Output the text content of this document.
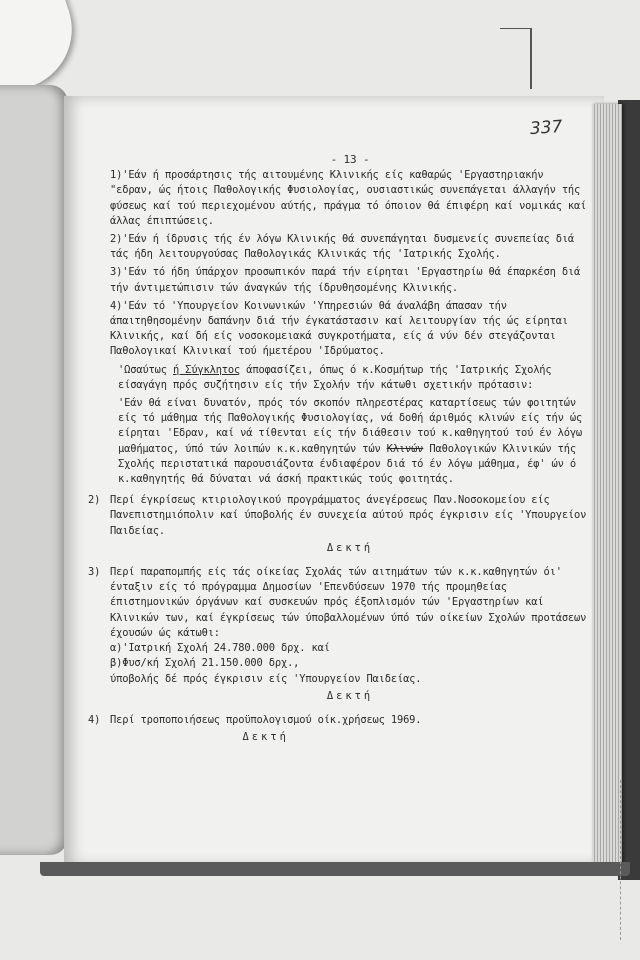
337
- 13 -

1)'Εάν ή προσάρτησις τής αιτουμένης Κλινικής είς καθαρώς 'Εργαστηριακήν "εδραν, ώς ήτοις Παθολογικής Φυσιολογίας, ουσιαστικώς συνεπάγεται άλλαγήν τής φύσεως καί τού περιεχομένου αύτής, πράγμα τό όποιον θά έπιφέρη καί νομικάς καί άλλας έπιπτώσεις.

2)'Εάν ή ίδρυσις τής έν λόγω Κλινικής θά συνεπάγηται δυσμενείς συνεπείας διά τάς ήδη λειτουργούσας Παθολογικάς Κλινικάς τής 'Ιατρικής Σχολής.

3)'Εάν τό ήδη ύπάρχον προσωπικόν παρά τήν είρηται 'Εργαστηρίω θά έπαρκέση διά τήν άντιμετώπισιν τών άναγκών τής ίδρυθησομένης Κλινικής.

4)'Εάν τό 'Υπουργείον Κοινωνικών 'Υπηρεσιών θά άναλάβη άπασαν τήν άπαιτηθησομένην δαπάνην διά τήν έγκατάστασιν καί λειτουργίαν τής ώς είρηται Κλινικής, καί δή είς νοσοκομειακά συγκροτήματα, είς ά νύν δέν στεγάζονται Παθολογικαί Κλινικαί τού ήμετέρου 'Ιδρύματος.

'Ωσαύτως ή Σύγκλητος άποφασίζει, όπως ό κ.Κοσμήτωρ τής 'Ιατρικής Σχολής είσαγάγη πρός συζήτησιν είς τήν Σχολήν τήν κάτωθι σχετικήν πρότασιν:

'Εάν θά είναι δυνατόν, πρός τόν σκοπόν πληρεστέρας καταρτίσεως τών φοιτητών είς τό μάθημα τής Παθολογικής Φυσιολογίας, νά δοθή άριθμός κλινών είς τήν ώς είρηται 'Εδραν, καί νά τίθενται είς τήν διάθεσιν τού κ.καθηγητού τού έν λόγω μαθήματος, ύπό τών λοιπών κ.κ.καθηγητών τών Κλινών Παθολογικών Κλινικών τής Σχολής περιστατικά παρουσιάζοντα ένδιαφέρον διά τό έν λόγω μάθημα, έφ' ών ό κ.καθηγητής θά δύναται νά άσκή πρακτικώς τούς φοιτητάς.

2) Περί έγκρίσεως κτιριολογικού προγράμματος άνεγέρσεως Παν.Νοσοκομείου είς Πανεπιστημιόπολιν καί ύποβολής έν συνεχεία αύτού πρός έγκρισιν είς 'Υπουργείον Παιδείας.
Δεκτή
3) Περί παραπομπής είς τάς οίκείας Σχολάς τών αιτημάτων τών κ.κ.καθηγητών όι' ένταξιν είς τό πρόγραμμα Δημοσίων 'Επενδύσεων 1970 τής προμηθείας έπιστημονικών όργάνων καί συσκευών πρός έξοπλισμόν τών 'Εργαστηρίων καί Κλινικών των, καί έγκρίσεως τών ύποβαλλομένων ύπό τών οίκείων Σχολών προτάσεων έχουσών ώς κάτωθι:
α)'Ιατρική Σχολή 24.780.000 δρχ. καί
β)Φυσ/κή Σχολή 21.150.000 δρχ.,
ύποβολής δέ πρός έγκρισιν είς 'Υπουργείον Παιδείας.
Δεκτή
4) Περί τροποποιήσεως προϋπολογισμού οίκ.χρήσεως 1969.
Δεκτή
